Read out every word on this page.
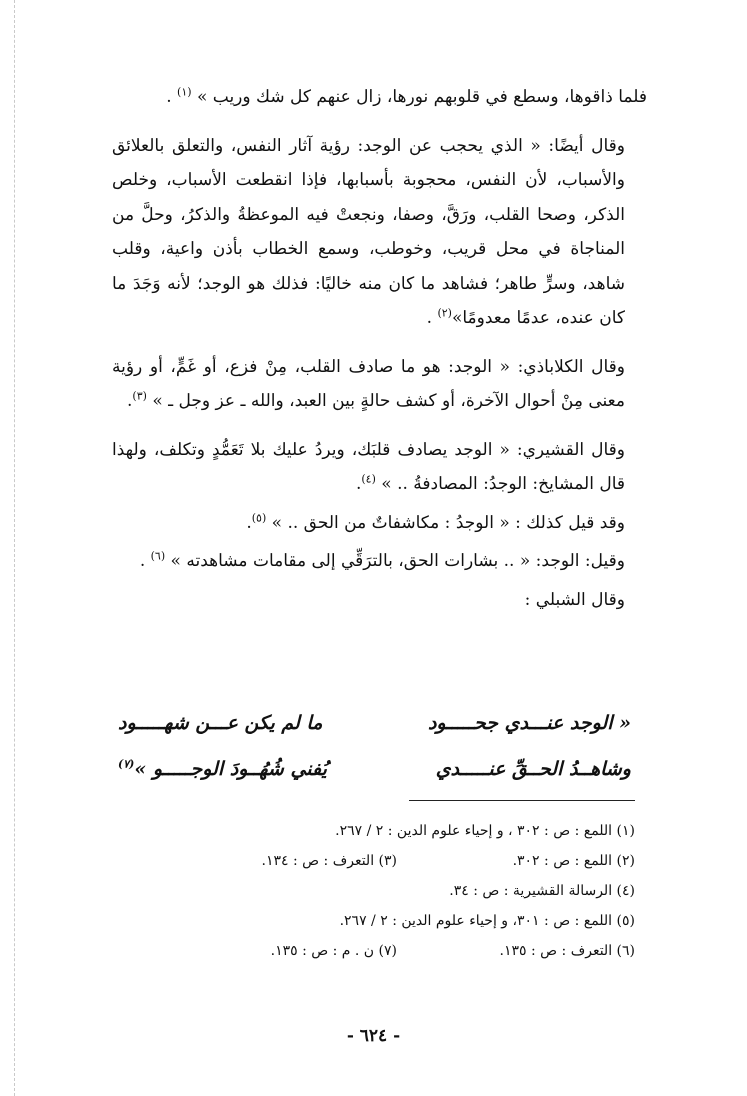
فلما ذاقوها، وسطع في قلوبهم نورها، زال عنهم كل شك وريب » $^{(١)}$ .

وقال أيضًا: « الذي يحجب عن الوجد: رؤية آثار النفس، والتعلق بالعلائق والأسباب، لأن النفس، محجوبة بأسبابها، فإذا انقطعت الأسباب، وخلص الذكر، وصحا القلب، ورَقَّ، وصفا، ونجعتْ فيه الموعظةُ والذكرُ، وحلَّ من المناجاة في محل قريب، وخوطب، وسمع الخطاب بأذن واعية، وقلب شاهد، وسرٍّ طاهر؛ فشاهد ما كان منه خاليًا: فذلك هو الوجد؛ لأنه وَجَدَ ما كان عنده، عدمًا معدومًا»$^{(٢)}$ .

وقال الكلاباذي: « الوجد: هو ما صادف القلب، مِنْ فزع، أو غَمٍّ، أو رؤية معنى مِنْ أحوال الآخرة، أو كشف حالةٍ بين العبد، والله ـ عز وجل ـ » $^{(٣)}$.

وقال القشيري: « الوجد يصادف قلبَك، ويردُ عليك بلا تَعَمُّدٍ وتكلف، ولهذا قال المشايخ: الوجدُ: المصادفةُ .. » $^{(٤)}$.

وقد قيل كذلك : « الوجدُ : مكاشفاتٌ من الحق .. » $^{(٥)}$.

وقيل: الوجد: « .. بشارات الحق، بالترَقِّي إلى مقامات مشاهدته » $^{(٦)}$ .

وقال الشبلي :

« الوجد عنـــدي جحـــــود
ما لم يكن عـــن شهـــــود
وشاهــدُ الحــقِّ عنـــــدي
يُفني شُهُــودَ الوجـــــو »$^{(٧)}$
(١) اللمع : ص : ٣٠٢ ، و إحياء علوم الدين : ٢ / ٢٦٧.
(٢) اللمع : ص : ٣٠٢.
(٣) التعرف : ص : ١٣٤.
(٤) الرسالة القشيرية : ص : ٣٤.
(٥) اللمع : ص : ٣٠١، و إحياء علوم الدين : ٢ / ٢٦٧.
(٦) التعرف : ص : ١٣٥.
(٧) ن . م : ص : ١٣٥.
- ٦٢٤ -
